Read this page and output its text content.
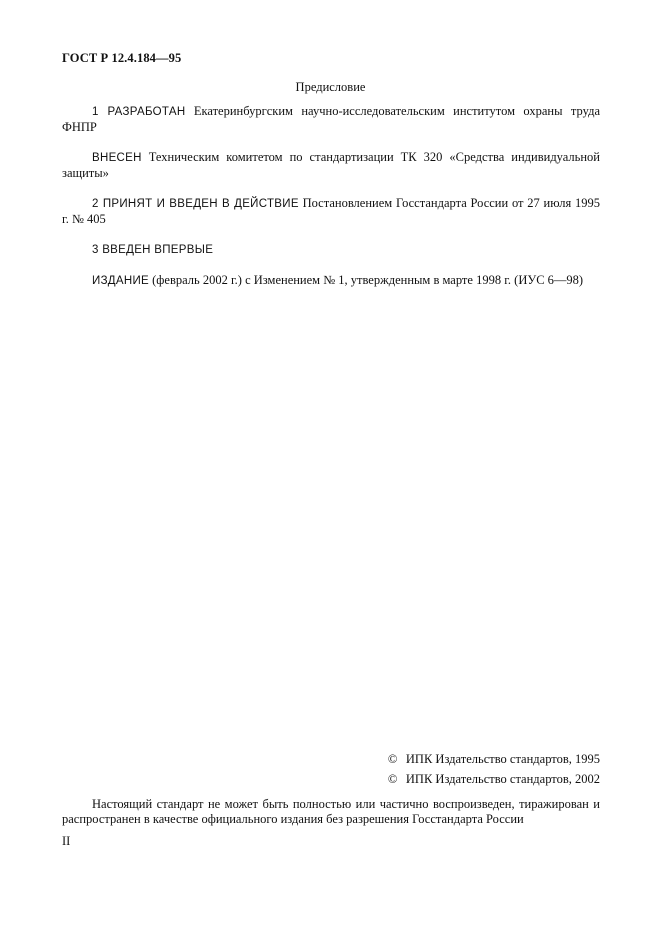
ГОСТ Р 12.4.184—95
Предисловие

1 РАЗРАБОТАН Екатеринбургским научно-исследовательским институтом охраны труда ФНПР

ВНЕСЕН Техническим комитетом по стандартизации ТК 320 «Средства индивидуальной защиты»

2 ПРИНЯТ И ВВЕДЕН В ДЕЙСТВИЕ Постановлением Госстандарта России от 27 июля 1995 г. № 405

3 ВВЕДЕН ВПЕРВЫЕ

ИЗДАНИЕ (февраль 2002 г.) с Изменением № 1, утвержденным в марте 1998 г. (ИУС 6—98)

© ИПК Издательство стандартов, 1995
© ИПК Издательство стандартов, 2002
Настоящий стандарт не может быть полностью или частично воспроизведен, тиражирован и распространен в качестве официального издания без разрешения Госстандарта России
II
